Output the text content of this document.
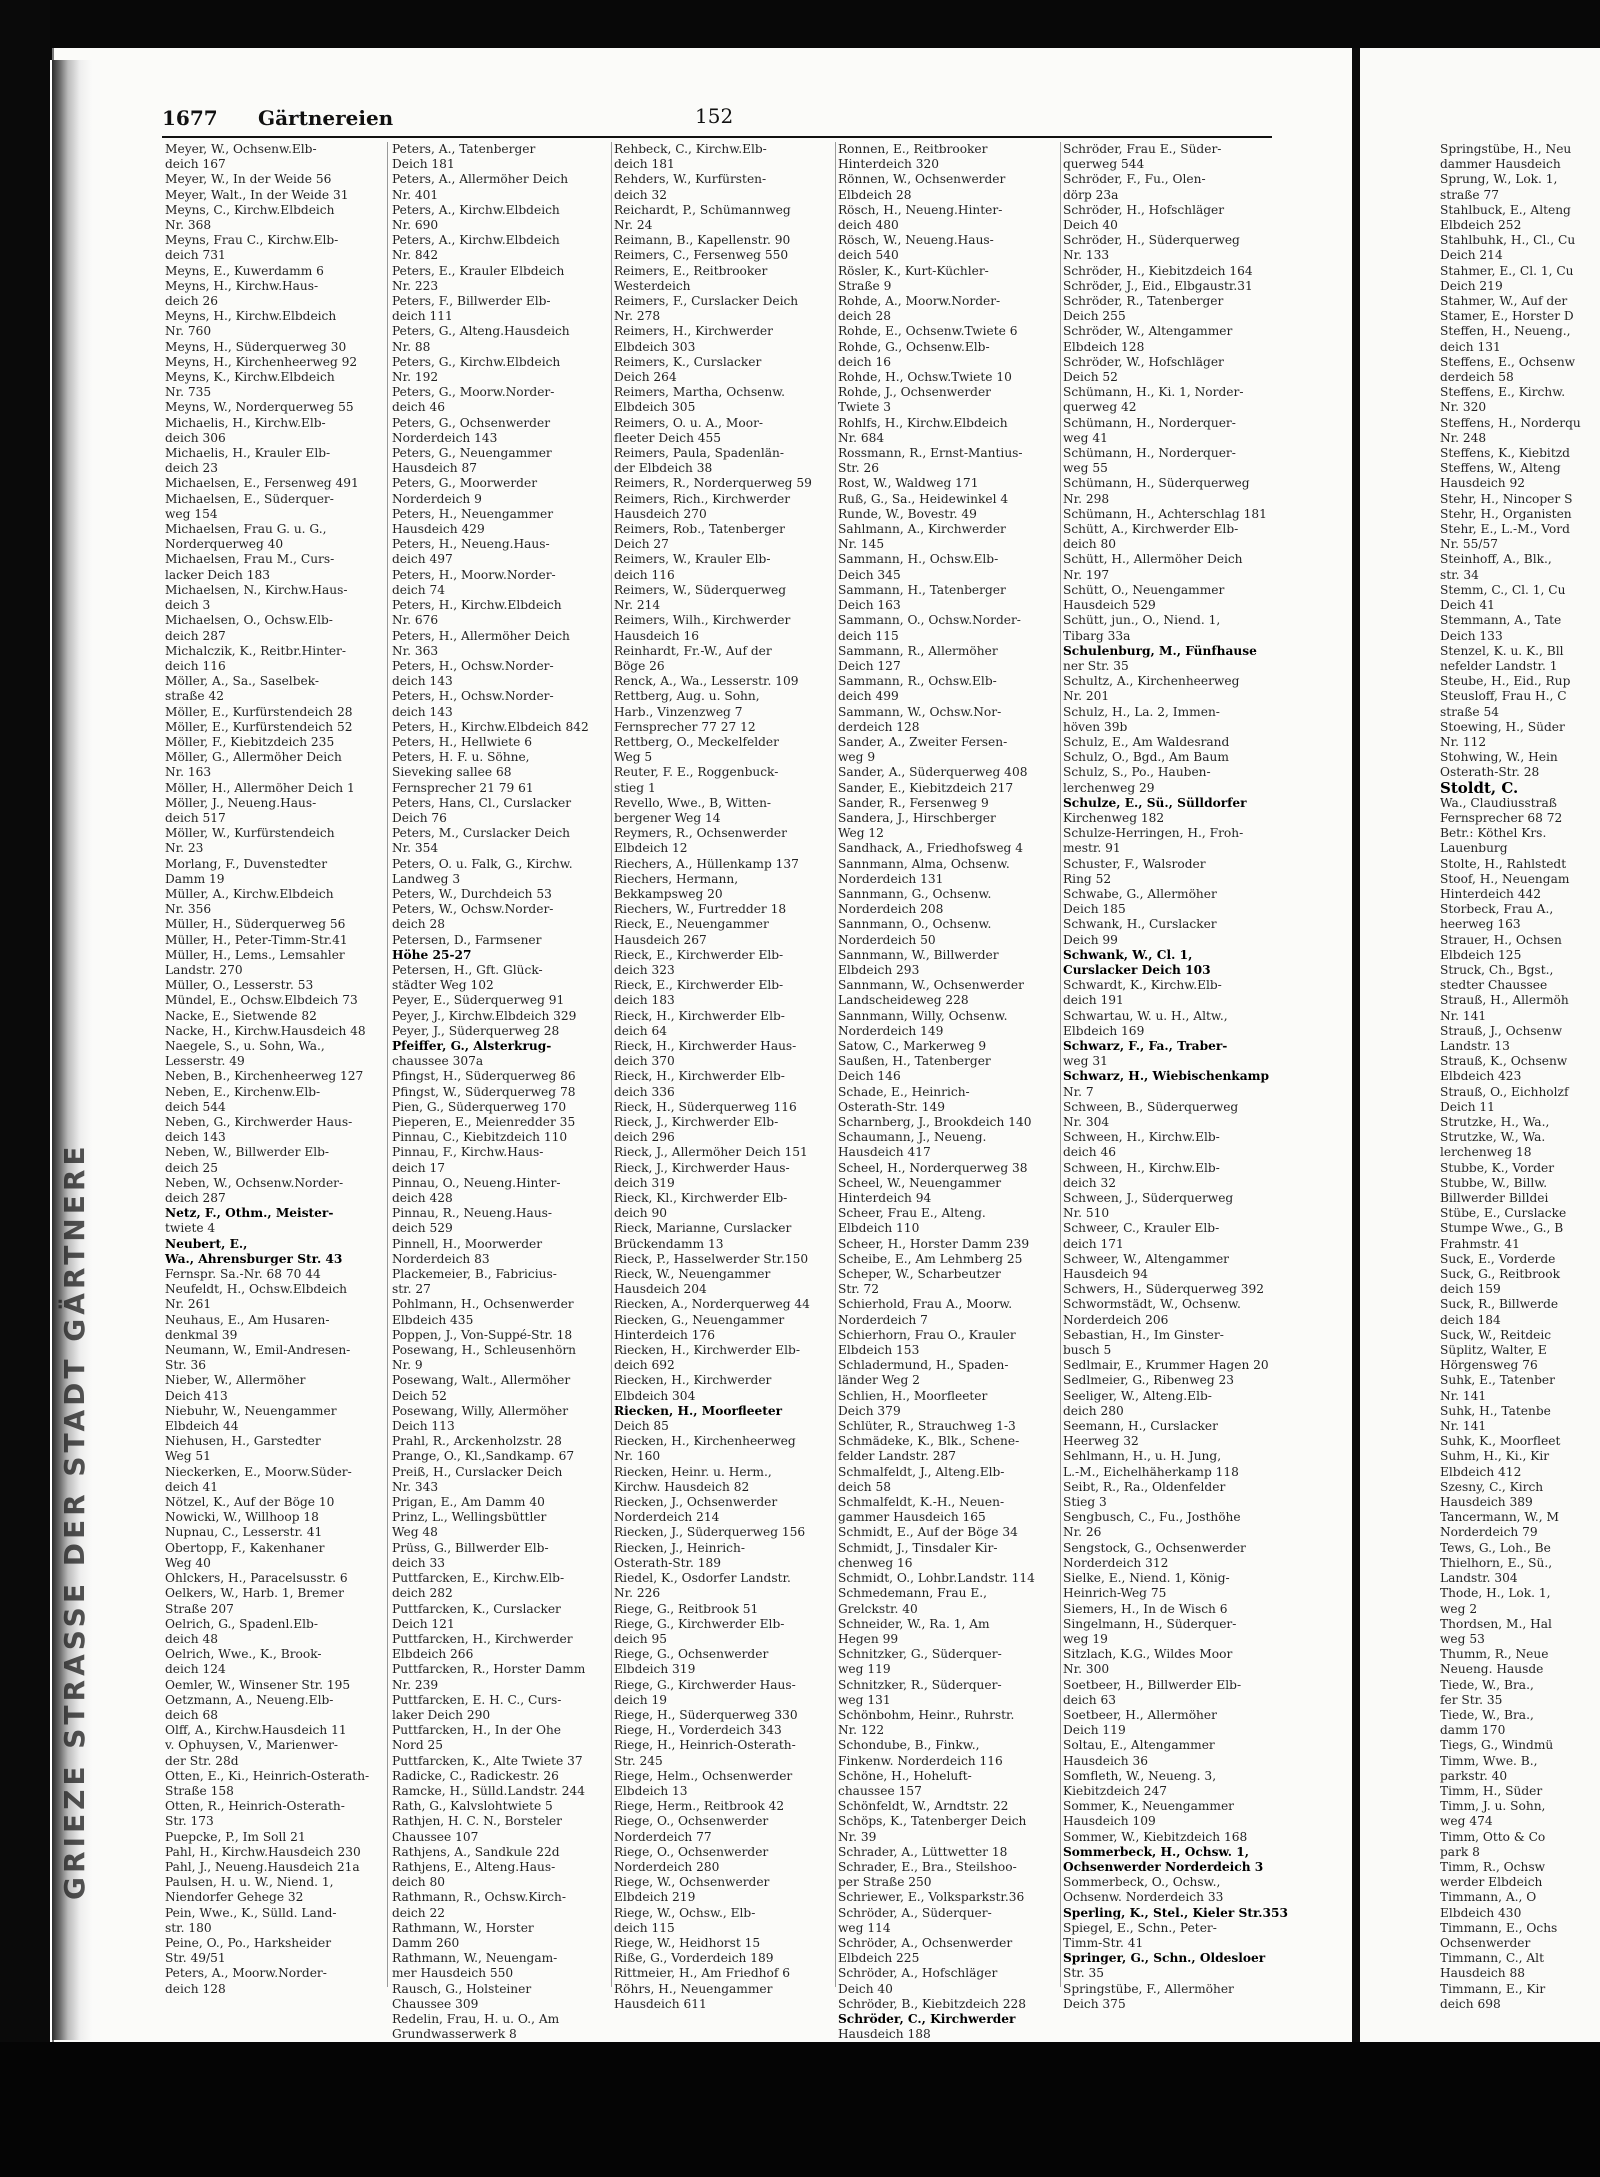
GRIEZE STRASSE DER STADT GÄRTNERE
1677 Gärtnereien	152
Meyer, W., Ochsenw.Elb-
deich 167
Meyer, W., In der Weide 56
Meyer, Walt., In der Weide 31
Meyns, C., Kirchw.Elbdeich
Nr. 368
Meyns, Frau C., Kirchw.Elb-
deich 731
Meyns, E., Kuwerdamm 6
Meyns, H., Kirchw.Haus-
deich 26
Meyns, H., Kirchw.Elbdeich
Nr. 760
Meyns, H., Süderquerweg 30
Meyns, H., Kirchenheerweg 92
Meyns, K., Kirchw.Elbdeich
Nr. 735
Meyns, W., Norderquerweg 55
Michaelis, H., Kirchw.Elb-
deich 306
Michaelis, H., Krauler Elb-
deich 23
Michaelsen, E., Fersenweg 491
Michaelsen, E., Süderquer-
weg 154
Michaelsen, Frau G. u. G.,
Norderquerweg 40
Michaelsen, Frau M., Curs-
lacker Deich 183
Michaelsen, N., Kirchw.Haus-
deich 3
Michaelsen, O., Ochsw.Elb-
deich 287
Michalczik, K., Reitbr.Hinter-
deich 116
Möller, A., Sa., Saselbek-
straße 42
Möller, E., Kurfürstendeich 28
Möller, E., Kurfürstendeich 52
Möller, F., Kiebitzdeich 235
Möller, G., Allermöher Deich
Nr. 163
Möller, H., Allermöher Deich 1
Möller, J., Neueng.Haus-
deich 517
Möller, W., Kurfürstendeich
Nr. 23
Morlang, F., Duvenstedter
Damm 19
Müller, A., Kirchw.Elbdeich
Nr. 356
Müller, H., Süderquerweg 56
Müller, H., Peter-Timm-Str.41
Müller, H., Lems., Lemsahler
Landstr. 270
Müller, O., Lesserstr. 53
Mündel, E., Ochsw.Elbdeich 73
Nacke, E., Sietwende 82
Nacke, H., Kirchw.Hausdeich 48
Naegele, S., u. Sohn, Wa.,
Lesserstr. 49
Neben, B., Kirchenheerweg 127
Neben, E., Kirchenw.Elb-
deich 544
Neben, G., Kirchwerder Haus-
deich 143
Neben, W., Billwerder Elb-
deich 25
Neben, W., Ochsenw.Norder-
deich 287
Netz, F., Othm., Meister-
twiete 4
Neubert, E.,
Wa., Ahrensburger Str. 43
Fernspr. Sa.-Nr. 68 70 44
Neufeldt, H., Ochsw.Elbdeich
Nr. 261
Neuhaus, E., Am Husaren-
denkmal 39
Neumann, W., Emil-Andresen-
Str. 36
Nieber, W., Allermöher
Deich 413
Niebuhr, W., Neuengammer
Elbdeich 44
Niehusen, H., Garstedter
Weg 51
Nieckerken, E., Moorw.Süder-
deich 41
Nötzel, K., Auf der Böge 10
Nowicki, W., Willhoop 18
Nupnau, C., Lesserstr. 41
Obertopp, F., Kakenhaner
Weg 40
Ohlckers, H., Paracelsusstr. 6
Oelkers, W., Harb. 1, Bremer
Straße 207
Oelrich, G., Spadenl.Elb-
deich 48
Oelrich, Wwe., K., Brook-
deich 124
Oemler, W., Winsener Str. 195
Oetzmann, A., Neueng.Elb-
deich 68
Olff, A., Kirchw.Hausdeich 11
v. Ophuysen, V., Marienwer-
der Str. 28d
Otten, E., Ki., Heinrich-Osterath-
Straße 158
Otten, R., Heinrich-Osterath-
Str. 173
Puepcke, P., Im Soll 21
Pahl, H., Kirchw.Hausdeich 230
Pahl, J., Neueng.Hausdeich 21a
Paulsen, H. u. W., Niend. 1,
Niendorfer Gehege 32
Pein, Wwe., K., Sülld. Land-
str. 180
Peine, O., Po., Harksheider
Str. 49/51
Peters, A., Moorw.Norder-
deich 128
Peters, A., Tatenberger
Deich 181
Peters, A., Allermöher Deich
Nr. 401
Peters, A., Kirchw.Elbdeich
Nr. 690
Peters, A., Kirchw.Elbdeich
Nr. 842
Peters, E., Krauler Elbdeich
Nr. 223
Peters, F., Billwerder Elb-
deich 111
Peters, G., Alteng.Hausdeich
Nr. 88
Peters, G., Kirchw.Elbdeich
Nr. 192
Peters, G., Moorw.Norder-
deich 46
Peters, G., Ochsenwerder
Norderdeich 143
Peters, G., Neuengammer
Hausdeich 87
Peters, G., Moorwerder
Norderdeich 9
Peters, H., Neuengammer
Hausdeich 429
Peters, H., Neueng.Haus-
deich 497
Peters, H., Moorw.Norder-
deich 74
Peters, H., Kirchw.Elbdeich
Nr. 676
Peters, H., Allermöher Deich
Nr. 363
Peters, H., Ochsw.Norder-
deich 143
Peters, H., Ochsw.Norder-
deich 143
Peters, H., Kirchw.Elbdeich 842
Peters, H., Hellwiete 6
Peters, H. F. u. Söhne,
Sieveking sallee 68
Fernsprecher 21 79 61
Peters, Hans, Cl., Curslacker
Deich 76
Peters, M., Curslacker Deich
Nr. 354
Peters, O. u. Falk, G., Kirchw.
Landweg 3
Peters, W., Durchdeich 53
Peters, W., Ochsw.Norder-
deich 28
Petersen, D., Farmsener
Höhe 25-27
Petersen, H., Gft. Glück-
städter Weg 102
Peyer, E., Süderquerweg 91
Peyer, J., Kirchw.Elbdeich 329
Peyer, J., Süderquerweg 28
Pfeiffer, G., Alsterkrug-
chaussee 307a
Pfingst, H., Süderquerweg 86
Pfingst, W., Süderquerweg 78
Pien, G., Süderquerweg 170
Pieperen, E., Meienredder 35
Pinnau, C., Kiebitzdeich 110
Pinnau, F., Kirchw.Haus-
deich 17
Pinnau, O., Neueng.Hinter-
deich 428
Pinnau, R., Neueng.Haus-
deich 529
Pinnell, H., Moorwerder
Norderdeich 83
Plackemeier, B., Fabricius-
str. 27
Pohlmann, H., Ochsenwerder
Elbdeich 435
Poppen, J., Von-Suppé-Str. 18
Posewang, H., Schleusenhörn
Nr. 9
Posewang, Walt., Allermöher
Deich 52
Posewang, Willy, Allermöher
Deich 113
Prahl, R., Arckenholzstr. 28
Prange, O., Kl.,Sandkamp. 67
Preiß, H., Curslacker Deich
Nr. 343
Prigan, E., Am Damm 40
Prinz, L., Wellingsbüttler
Weg 48
Prüss, G., Billwerder Elb-
deich 33
Puttfarcken, E., Kirchw.Elb-
deich 282
Puttfarcken, K., Curslacker
Deich 121
Puttfarcken, H., Kirchwerder
Elbdeich 266
Puttfarcken, R., Horster Damm
Nr. 239
Puttfarcken, E. H. C., Curs-
laker Deich 290
Puttfarcken, H., In der Ohe
Nord 25
Puttfarcken, K., Alte Twiete 37
Radicke, C., Radickestr. 26
Ramcke, H., Sülld.Landstr. 244
Rath, G., Kalvslohtwiete 5
Rathjen, H. C. N., Borsteler
Chaussee 107
Rathjens, A., Sandkule 22d
Rathjens, E., Alteng.Haus-
deich 80
Rathmann, R., Ochsw.Kirch-
deich 22
Rathmann, W., Horster
Damm 260
Rathmann, W., Neuengam-
mer Hausdeich 550
Rausch, G., Holsteiner
Chaussee 309
Redelin, Frau, H. u. O., Am
Grundwasserwerk 8
Rehbeck, C., Kirchw.Elb-
deich 181
Rehders, W., Kurfürsten-
deich 32
Reichardt, P., Schümannweg
Nr. 24
Reimann, B., Kapellenstr. 90
Reimers, C., Fersenweg 550
Reimers, E., Reitbrooker
Westerdeich
Reimers, F., Curslacker Deich
Nr. 278
Reimers, H., Kirchwerder
Elbdeich 303
Reimers, K., Curslacker
Deich 264
Reimers, Martha, Ochsenw.
Elbdeich 305
Reimers, O. u. A., Moor-
fleeter Deich 455
Reimers, Paula, Spadenlän-
der Elbdeich 38
Reimers, R., Norderquerweg 59
Reimers, Rich., Kirchwerder
Hausdeich 270
Reimers, Rob., Tatenberger
Deich 27
Reimers, W., Krauler Elb-
deich 116
Reimers, W., Süderquerweg
Nr. 214
Reimers, Wilh., Kirchwerder
Hausdeich 16
Reinhardt, Fr.-W., Auf der
Böge 26
Renck, A., Wa., Lesserstr. 109
Rettberg, Aug. u. Sohn,
Harb., Vinzenzweg 7
Fernsprecher 77 27 12
Rettberg, O., Meckelfelder
Weg 5
Reuter, F. E., Roggenbuck-
stieg 1
Revello, Wwe., B, Witten-
bergener Weg 14
Reymers, R., Ochsenwerder
Elbdeich 12
Riechers, A., Hüllenkamp 137
Riechers, Hermann,
Bekkampsweg 20
Riechers, W., Furtredder 18
Rieck, E., Neuengammer
Hausdeich 267
Rieck, E., Kirchwerder Elb-
deich 323
Rieck, E., Kirchwerder Elb-
deich 183
Rieck, H., Kirchwerder Elb-
deich 64
Rieck, H., Kirchwerder Haus-
deich 370
Rieck, H., Kirchwerder Elb-
deich 336
Rieck, H., Süderquerweg 116
Rieck, J., Kirchwerder Elb-
deich 296
Rieck, J., Allermöher Deich 151
Rieck, J., Kirchwerder Haus-
deich 319
Rieck, Kl., Kirchwerder Elb-
deich 90
Rieck, Marianne, Curslacker
Brückendamm 13
Rieck, P., Hasselwerder Str.150
Rieck, W., Neuengammer
Hausdeich 204
Riecken, A., Norderquerweg 44
Riecken, G., Neuengammer
Hinterdeich 176
Riecken, H., Kirchwerder Elb-
deich 692
Riecken, H., Kirchwerder
Elbdeich 304
Riecken, H., Moorfleeter
Deich 85
Riecken, H., Kirchenheerweg
Nr. 160
Riecken, Heinr. u. Herm.,
Kirchw. Hausdeich 82
Riecken, J., Ochsenwerder
Norderdeich 214
Riecken, J., Süderquerweg 156
Riecken, J., Heinrich-
Osterath-Str. 189
Riedel, K., Osdorfer Landstr.
Nr. 226
Riege, G., Reitbrook 51
Riege, G., Kirchwerder Elb-
deich 95
Riege, G., Ochsenwerder
Elbdeich 319
Riege, G., Kirchwerder Haus-
deich 19
Riege, H., Süderquerweg 330
Riege, H., Vorderdeich 343
Riege, H., Heinrich-Osterath-
Str. 245
Riege, Helm., Ochsenwerder
Elbdeich 13
Riege, Herm., Reitbrook 42
Riege, O., Ochsenwerder
Norderdeich 77
Riege, O., Ochsenwerder
Norderdeich 280
Riege, W., Ochsenwerder
Elbdeich 219
Riege, W., Ochsw., Elb-
deich 115
Riege, W., Heidhorst 15
Riße, G., Vorderdeich 189
Rittmeier, H., Am Friedhof 6
Röhrs, H., Neuengammer
Hausdeich 611
Ronnen, E., Reitbrooker
Hinterdeich 320
Rönnen, W., Ochsenwerder
Elbdeich 28
Rösch, H., Neueng.Hinter-
deich 480
Rösch, W., Neueng.Haus-
deich 540
Rösler, K., Kurt-Küchler-
Straße 9
Rohde, A., Moorw.Norder-
deich 28
Rohde, E., Ochsenw.Twiete 6
Rohde, G., Ochsenw.Elb-
deich 16
Rohde, H., Ochsw.Twiete 10
Rohde, J., Ochsenwerder
Twiete 3
Rohlfs, H., Kirchw.Elbdeich
Nr. 684
Rossmann, R., Ernst-Mantius-
Str. 26
Rost, W., Waldweg 171
Ruß, G., Sa., Heidewinkel 4
Runde, W., Bovestr. 49
Sahlmann, A., Kirchwerder
Nr. 145
Sammann, H., Ochsw.Elb-
Deich 345
Sammann, H., Tatenberger
Deich 163
Sammann, O., Ochsw.Norder-
deich 115
Sammann, R., Allermöher
Deich 127
Sammann, R., Ochsw.Elb-
deich 499
Sammann, W., Ochsw.Nor-
derdeich 128
Sander, A., Zweiter Fersen-
weg 9
Sander, A., Süderquerweg 408
Sander, E., Kiebitzdeich 217
Sander, R., Fersenweg 9
Sandera, J., Hirschberger
Weg 12
Sandhack, A., Friedhofsweg 4
Sannmann, Alma, Ochsenw.
Norderdeich 131
Sannmann, G., Ochsenw.
Norderdeich 208
Sannmann, O., Ochsenw.
Norderdeich 50
Sannmann, W., Billwerder
Elbdeich 293
Sannmann, W., Ochsenwerder
Landscheideweg 228
Sannmann, Willy, Ochsenw.
Norderdeich 149
Satow, C., Markerweg 9
Saußen, H., Tatenberger
Deich 146
Schade, E., Heinrich-
Osterath-Str. 149
Scharnberg, J., Brookdeich 140
Schaumann, J., Neueng.
Hausdeich 417
Scheel, H., Norderquerweg 38
Scheel, W., Neuengammer
Hinterdeich 94
Scheer, Frau E., Alteng.
Elbdeich 110
Scheer, H., Horster Damm 239
Scheibe, E., Am Lehmberg 25
Scheper, W., Scharbeutzer
Str. 72
Schierhold, Frau A., Moorw.
Norderdeich 7
Schierhorn, Frau O., Krauler
Elbdeich 153
Schladermund, H., Spaden-
länder Weg 2
Schlien, H., Moorfleeter
Deich 379
Schlüter, R., Strauchweg 1-3
Schmädeke, K., Blk., Schene-
felder Landstr. 287
Schmalfeldt, J., Alteng.Elb-
deich 58
Schmalfeldt, K.-H., Neuen-
gammer Hausdeich 165
Schmidt, E., Auf der Böge 34
Schmidt, J., Tinsdaler Kir-
chenweg 16
Schmidt, O., Lohbr.Landstr. 114
Schmedemann, Frau E.,
Grelckstr. 40
Schneider, W., Ra. 1, Am
Hegen 99
Schnitzker, G., Süderquer-
weg 119
Schnitzker, R., Süderquer-
weg 131
Schönbohm, Heinr., Ruhrstr.
Nr. 122
Schondube, B., Finkw.,
Finkenw. Norderdeich 116
Schöne, H., Hoheluft-
chaussee 157
Schönfeldt, W., Arndtstr. 22
Schöps, K., Tatenberger Deich
Nr. 39
Schrader, A., Lüttwetter 18
Schrader, E., Bra., Steilshoo-
per Straße 250
Schriewer, E., Volksparkstr.36
Schröder, A., Süderquer-
weg 114
Schröder, A., Ochsenwerder
Elbdeich 225
Schröder, A., Hofschläger
Deich 40
Schröder, B., Kiebitzdeich 228
Schröder, C., Kirchwerder
Hausdeich 188
Schröder, Frau E., Süder-
querweg 544
Schröder, F., Fu., Olen-
dörp 23a
Schröder, H., Hofschläger
Deich 40
Schröder, H., Süderquerweg
Nr. 133
Schröder, H., Kiebitzdeich 164
Schröder, J., Eid., Elbgaustr.31
Schröder, R., Tatenberger
Deich 255
Schröder, W., Altengammer
Elbdeich 128
Schröder, W., Hofschläger
Deich 52
Schümann, H., Ki. 1, Norder-
querweg 42
Schümann, H., Norderquer-
weg 41
Schümann, H., Norderquer-
weg 55
Schümann, H., Süderquerweg
Nr. 298
Schümann, H., Achterschlag 181
Schütt, A., Kirchwerder Elb-
deich 80
Schütt, H., Allermöher Deich
Nr. 197
Schütt, O., Neuengammer
Hausdeich 529
Schütt, jun., O., Niend. 1,
Tibarg 33a
Schulenburg, M., Fünfhause
ner Str. 35
Schultz, A., Kirchenheerweg
Nr. 201
Schulz, H., La. 2, Immen-
höven 39b
Schulz, E., Am Waldesrand
Schulz, O., Bgd., Am Baum
Schulz, S., Po., Hauben-
lerchenweg 29
Schulze, E., Sü., Sülldorfer
Kirchenweg 182
Schulze-Herringen, H., Froh-
mestr. 91
Schuster, F., Walsroder
Ring 52
Schwabe, G., Allermöher
Deich 185
Schwank, H., Curslacker
Deich 99
Schwank, W., Cl. 1,
Curslacker Deich 103
Schwardt, K., Kirchw.Elb-
deich 191
Schwartau, W. u. H., Altw.,
Elbdeich 169
Schwarz, F., Fa., Traber-
weg 31
Schwarz, H., Wiebischenkamp
Nr. 7
Schween, B., Süderquerweg
Nr. 304
Schween, H., Kirchw.Elb-
deich 46
Schween, H., Kirchw.Elb-
deich 32
Schween, J., Süderquerweg
Nr. 510
Schweer, C., Krauler Elb-
deich 171
Schweer, W., Altengammer
Hausdeich 94
Schwers, H., Süderquerweg 392
Schwormstädt, W., Ochsenw.
Norderdeich 206
Sebastian, H., Im Ginster-
busch 5
Sedlmair, E., Krummer Hagen 20
Sedlmeier, G., Ribenweg 23
Seeliger, W., Alteng.Elb-
deich 280
Seemann, H., Curslacker
Heerweg 32
Sehlmann, H., u. H. Jung,
L.-M., Eichelhäherkamp 118
Seibt, R., Ra., Oldenfelder
Stieg 3
Sengbusch, C., Fu., Josthöhe
Nr. 26
Sengstock, G., Ochsenwerder
Norderdeich 312
Sielke, E., Niend. 1, König-
Heinrich-Weg 75
Siemers, H., In de Wisch 6
Singelmann, H., Süderquer-
weg 19
Sitzlach, K.G., Wildes Moor
Nr. 300
Soetbeer, H., Billwerder Elb-
deich 63
Soetbeer, H., Allermöher
Deich 119
Soltau, E., Altengammer
Hausdeich 36
Somfleth, W., Neueng. 3,
Kiebitzdeich 247
Sommer, K., Neuengammer
Hausdeich 109
Sommer, W., Kiebitzdeich 168
Sommerbeck, H., Ochsw. 1,
Ochsenwerder Norderdeich 3
Sommerbeck, O., Ochsw.,
Ochsenw. Norderdeich 33
Sperling, K., Stel., Kieler Str.353
Spiegel, E., Schn., Peter-
Timm-Str. 41
Springer, G., Schn., Oldesloer
Str. 35
Springstübe, F., Allermöher
Deich 375
Springstübe, H., Neu
dammer Hausdeich
Sprung, W., Lok. 1,
straße 77
Stahlbuck, E., Alteng
Elbdeich 252
Stahlbuhk, H., Cl., Cu
Deich 214
Stahmer, E., Cl. 1, Cu
Deich 219
Stahmer, W., Auf der
Stamer, E., Horster D
Steffen, H., Neueng.,
deich 131
Steffens, E., Ochsenw
derdeich 58
Steffens, E., Kirchw.
Nr. 320
Steffens, H., Norderqu
Nr. 248
Steffens, K., Kiebitzd
Steffens, W., Alteng
Hausdeich 92
Stehr, H., Nincoper S
Stehr, H., Organisten
Stehr, E., L.-M., Vord
Nr. 55/57
Steinhoff, A., Blk.,
str. 34
Stemm, C., Cl. 1, Cu
Deich 41
Stemmann, A., Tate
Deich 133
Stenzel, K. u. K., Bll
nefelder Landstr. 1
Steube, H., Eid., Rup
Steusloff, Frau H., C
straße 54
Stoewing, H., Süder
Nr. 112
Stohwing, W., Hein
Osterath-Str. 28
Stoldt, C.
Wa., Claudiusstraß
Fernsprecher 68 72
Betr.: Köthel Krs.
Lauenburg
Stolte, H., Rahlstedt
Stoof, H., Neuengam
Hinterdeich 442
Storbeck, Frau A.,
heerweg 163
Strauer, H., Ochsen
Elbdeich 125
Struck, Ch., Bgst.,
stedter Chaussee
Strauß, H., Allermöh
Nr. 141
Strauß, J., Ochsenw
Landstr. 13
Strauß, K., Ochsenw
Elbdeich 423
Strauß, O., Eichholzf
Deich 11
Strutzke, H., Wa.,
Strutzke, W., Wa.
lerchenweg 18
Stubbe, K., Vorder
Stubbe, W., Billw.
Billwerder Billdei
Stübe, E., Curslacke
Stumpe Wwe., G., B
Frahmstr. 41
Suck, E., Vorderde
Suck, G., Reitbrook
deich 159
Suck, R., Billwerde
deich 184
Suck, W., Reitdeic
Süplitz, Walter, E
Hörgensweg 76
Suhk, E., Tatenber
Nr. 141
Suhk, H., Tatenbe
Nr. 141
Suhk, K., Moorfleet
Suhm, H., Ki., Kir
Elbdeich 412
Szesny, C., Kirch
Hausdeich 389
Tancermann, W., M
Norderdeich 79
Tews, G., Loh., Be
Thielhorn, E., Sü.,
Landstr. 304
Thode, H., Lok. 1,
weg 2
Thordsen, M., Hal
weg 53
Thumm, R., Neue
Neueng. Hausde
Tiede, W., Bra.,
fer Str. 35
Tiede, W., Bra.,
damm 170
Tiegs, G., Windmü
Timm, Wwe. B.,
parkstr. 40
Timm, H., Süder
Timm, J. u. Sohn,
weg 474
Timm, Otto & Co
park 8
Timm, R., Ochsw
werder Elbdeich
Timmann, A., O
Elbdeich 430
Timmann, E., Ochs
Ochsenwerder
Timmann, C., Alt
Hausdeich 88
Timmann, E., Kir
deich 698
